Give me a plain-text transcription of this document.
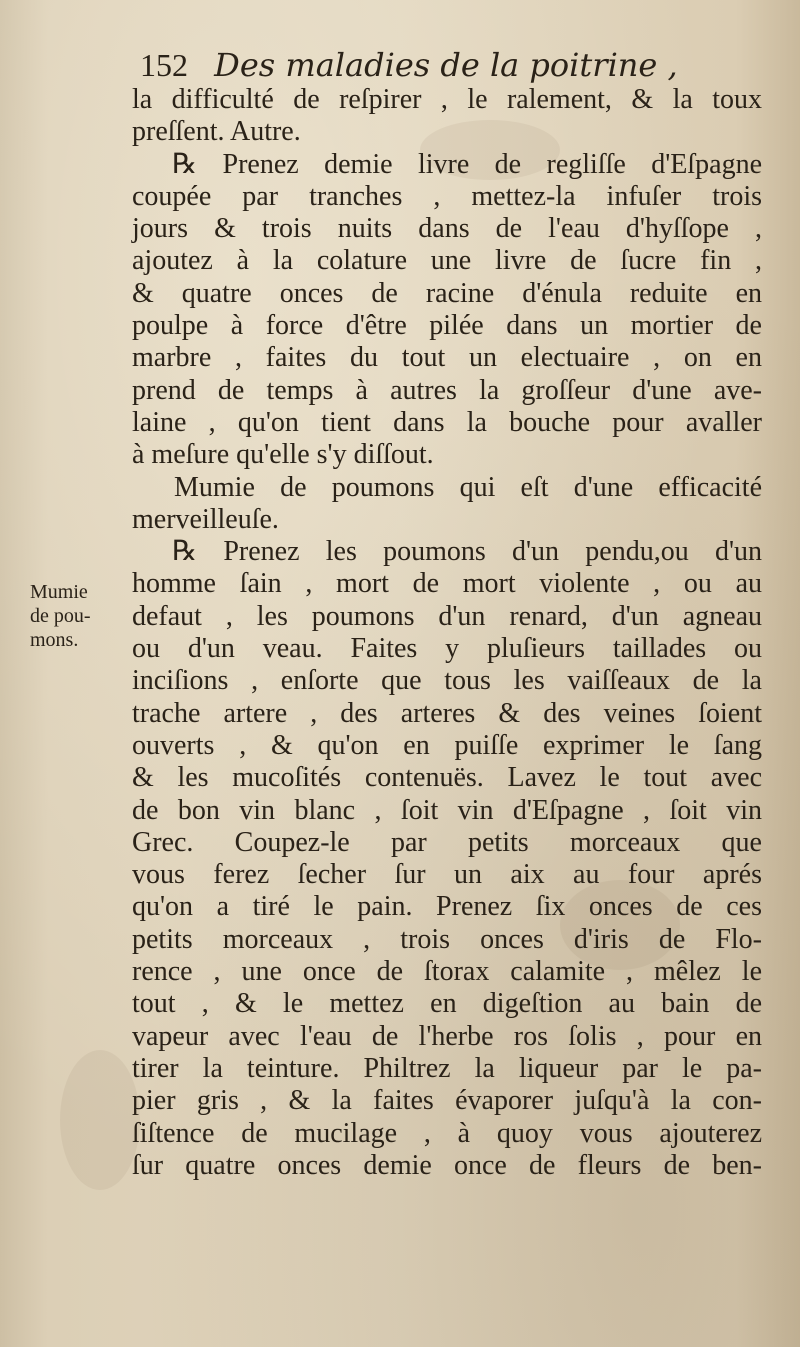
152 Des maladies de la poitrine ,
Mumie
de pou-
mons.
la difficulté de reſpirer , le ralement, & la toux
preſſent. Autre.
℞ Prenez demie livre de regliſſe d'Eſpagne
coupée par tranches , mettez-la infuſer trois
jours & trois nuits dans de l'eau d'hyſſope ,
ajoutez à la colature une livre de ſucre fin ,
& quatre onces de racine d'énula reduite en
poulpe à force d'être pilée dans un mortier de
marbre , faites du tout un electuaire , on en
prend de temps à autres la groſſeur d'une ave-
laine , qu'on tient dans la bouche pour avaller
à meſure qu'elle s'y diſſout.
Mumie de poumons qui eſt d'une efficacité
merveilleuſe.
℞ Prenez les poumons d'un pendu,ou d'un
homme ſain , mort de mort violente , ou au
defaut , les poumons d'un renard, d'un agneau
ou d'un veau. Faites y pluſieurs taillades ou
inciſions , enſorte que tous les vaiſſeaux de la
trache artere , des arteres & des veines ſoient
ouverts , & qu'on en puiſſe exprimer le ſang
& les mucoſités contenuës. Lavez le tout avec
de bon vin blanc , ſoit vin d'Eſpagne , ſoit vin
Grec. Coupez-le par petits morceaux que
vous ferez ſecher ſur un aix au four aprés
qu'on a tiré le pain. Prenez ſix onces de ces
petits morceaux , trois onces d'iris de Flo-
rence , une once de ſtorax calamite , mêlez le
tout , & le mettez en digeſtion au bain de
vapeur avec l'eau de l'herbe ros ſolis , pour en
tirer la teinture. Philtrez la liqueur par le pa-
pier gris , & la faites évaporer juſqu'à la con-
ſiſtence de mucilage , à quoy vous ajouterez
ſur quatre onces demie once de fleurs de ben-
